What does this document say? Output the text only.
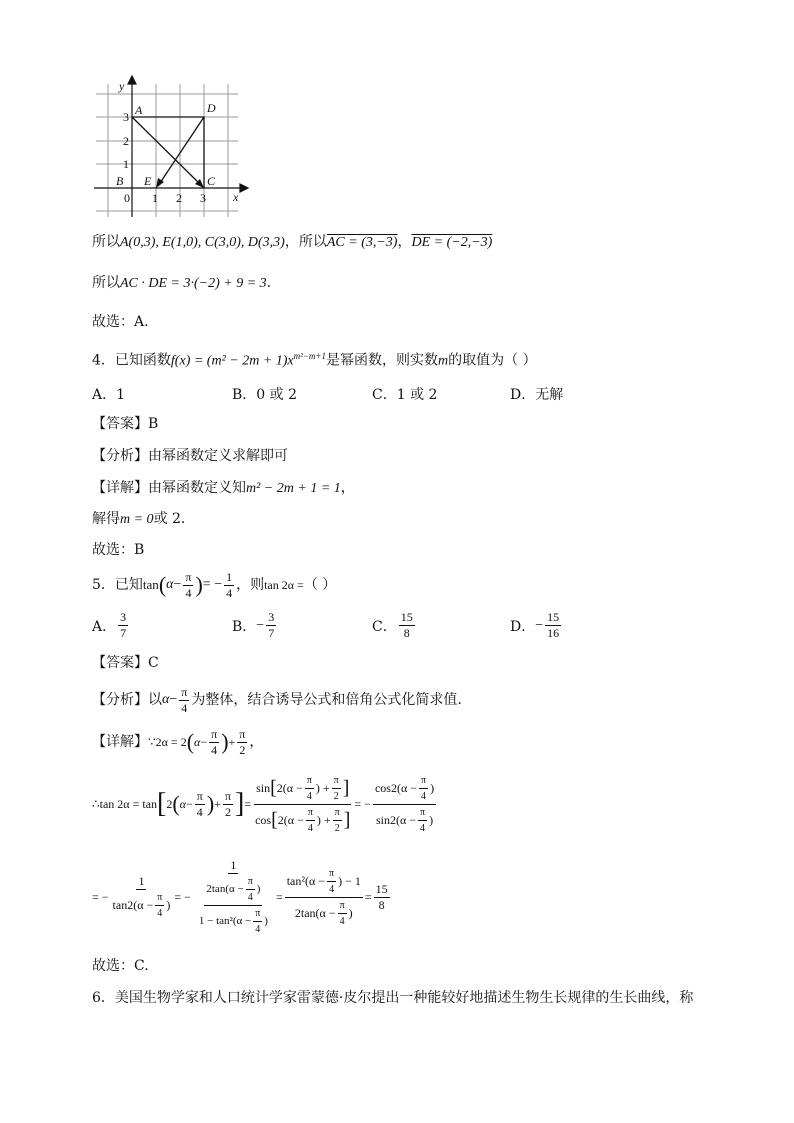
y
x
3
2
1
0 1 2 3
A
B	C
D
E
所以A(0,3), E(1,0), C(3,0), D(3,3)，所以AC = (3,−3)，DE = (−2,−3)
所以AC · DE = 3·(−2) + 9 = 3.
故选：A.
4．已知函数$f(x) = (m^2 - 2m + 1)x^{m^2-m+1}$是幂函数，则实数m的取值为（ ）
A．1	B．0 或 2	C．1 或 2	D．无解
【答案】B
【分析】由幂函数定义求解即可
【详解】由幂函数定义知m² − 2m + 1 = 1，
解得m = 0或 2．
故选：B
5．已知 tan ( $\alpha - \frac{\pi}{4}$ ) = − $\frac{1}{4}$ ，则 tan 2α = （ ）
A． $\frac{3}{7}$	B． − $\frac{3}{7}$	C． $\frac{15}{8}$	D． − $\frac{15}{16}$
【答案】C
【分析】 以 $\alpha - \frac{\pi}{4}$ 为整体，结合诱导公式和倍角公式化简求值.
【详解】 ∵ 2α = 2 ( $\alpha - \frac{\pi}{4}$ ) + $\frac{\pi}{2}$ ，
∴ tan 2α = tan [ 2 ( $\alpha - \frac{\pi}{4}$ ) + $\frac{\pi}{2}$ ] = $\frac{\sin [ 2(\alpha - \frac{\pi}{4} ) + \frac{\pi}{2} ]}{\cos [ 2(\alpha - \frac{\pi}{4} ) + \frac{\pi}{2} ]}$ = − $\frac{\cos 2(\alpha - \frac{\pi}{4} )}{\sin 2(\alpha - \frac{\pi}{4} )}$
= − $\frac{1}{\tan 2(\alpha - \frac{\pi}{4} )}$ = − $\frac{1}{\frac{2\tan(\alpha - \frac{\pi}{4} )}{1 - \tan^2(\alpha - \frac{\pi}{4} )}} = \frac{\tan^2(\alpha - \frac{\pi}{4} ) - 1}{2\tan(\alpha - \frac{\pi}{4} )} = \frac{15}{8}$
故选：C.
6．美国生物学家和人口统计学家雷蒙德·皮尔提出一种能较好地描述生物生长规律的生长曲线，称
